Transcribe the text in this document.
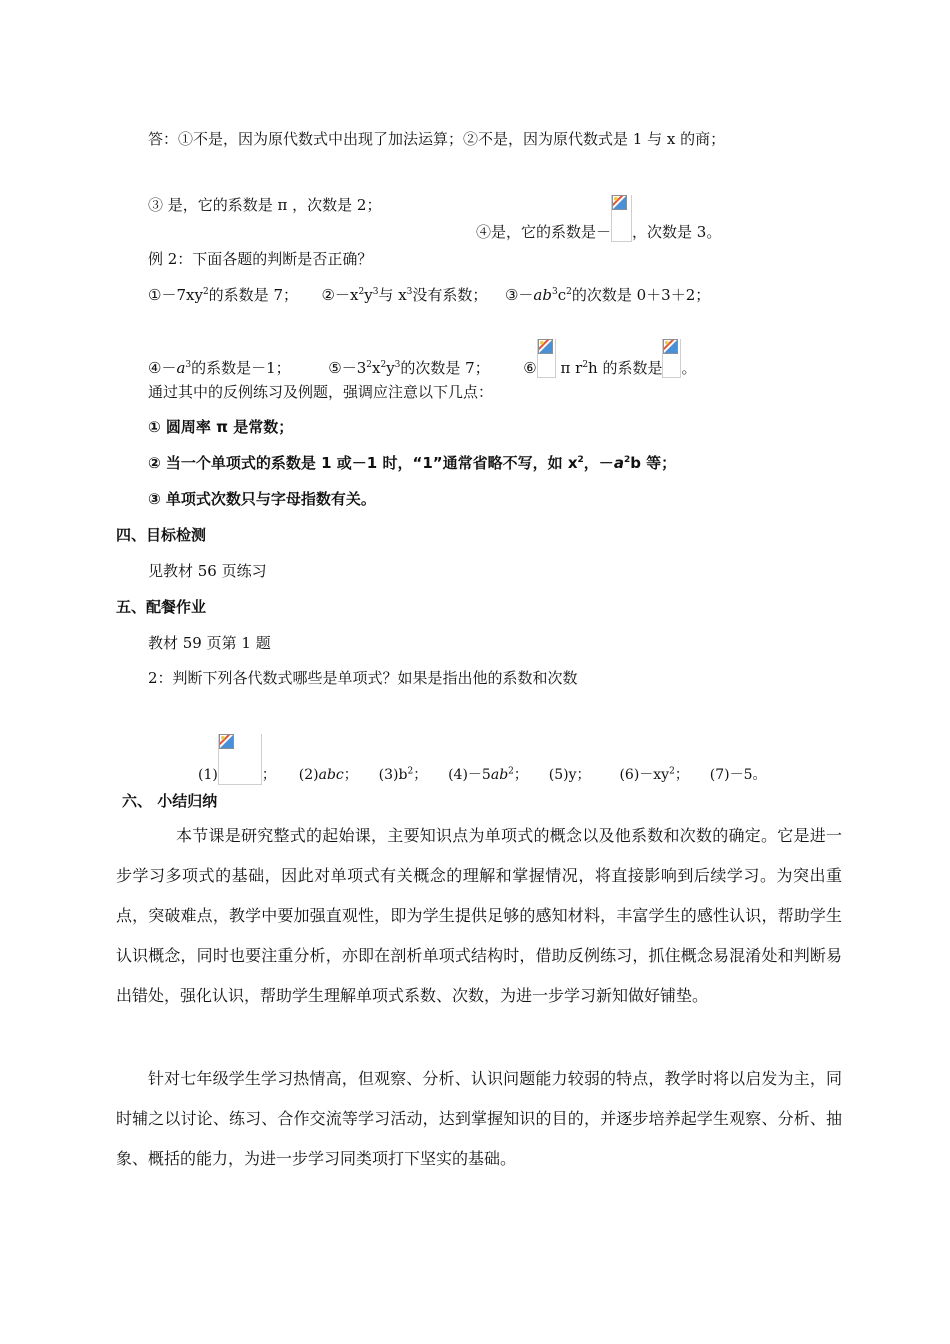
答：①不是，因为原代数式中出现了加法运算；②不是，因为原代数式是 1 与 x 的商；
③ 是，它的系数是 π ，次数是 2；
④是，它的系数是－ ，次数是 3。
例 2：下面各题的判断是否正确？
$①-7xy^2$的系数是 7； $②-x^2y^3$与 $x^3$没有系数； $③-ab^3c^2$的次数是 0＋3＋2；
$④-a^3$的系数是－1；	$⑤-3^2x^2y^3$的次数是 7； ⑥ π $r^2h$ 的系数是 。
通过其中的反例练习及例题，强调应注意以下几点：
① 圆周率 π 是常数；
② 当一个单项式的系数是 1 或－1 时，“1”通常省略不写，如 $x^2$，$-a^2b$ 等；
③ 单项式次数只与字母指数有关。
四、目标检测
见教材 56 页练习
五、配餐作业
教材 59 页第 1 题
2：判断下列各代数式哪些是单项式？如果是指出他的系数和次数
(1)	； (2)abc； $(3)b^2$； $(4)-5ab^2$； (5)y； $(6)-xy^2$； (7)－5。
六、 小结归纳
本节课是研究整式的起始课，主要知识点为单项式的概念以及他系数和次数的确定。它是进一步学习多项式的基础，因此对单项式有关概念的理解和掌握情况，将直接影响到后续学习。为突出重点，突破难点，教学中要加强直观性，即为学生提供足够的感知材料，丰富学生的感性认识，帮助学生认识概念，同时也要注重分析，亦即在剖析单项式结构时，借助反例练习，抓住概念易混淆处和判断易出错处，强化认识，帮助学生理解单项式系数、次数，为进一步学习新知做好铺垫。
针对七年级学生学习热情高，但观察、分析、认识问题能力较弱的特点，教学时将以启发为主，同时辅之以讨论、练习、合作交流等学习活动，达到掌握知识的目的，并逐步培养起学生观察、分析、抽象、概括的能力，为进一步学习同类项打下坚实的基础。
